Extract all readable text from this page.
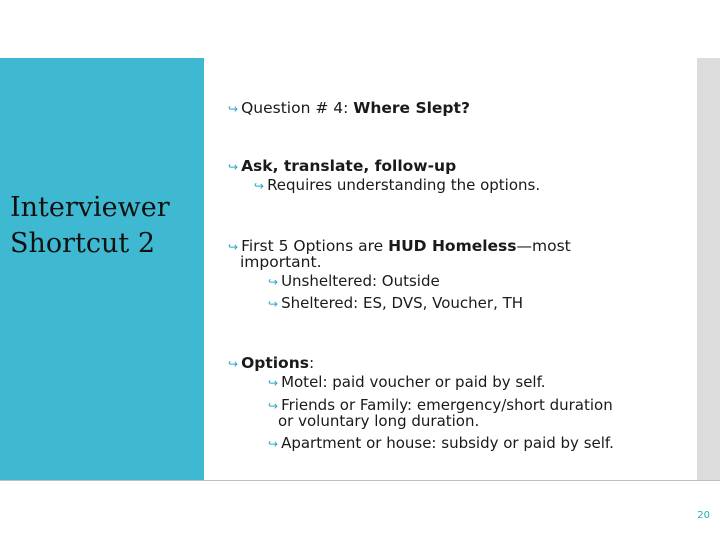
Interviewer
Shortcut 2
↪ Question # 4: Where Slept?
↪ Ask, translate, follow-up
↪ Requires understanding the options.
↪ First 5 Options are HUD Homeless—most
important.
↪ Unsheltered: Outside
↪ Sheltered: ES, DVS, Voucher, TH
↪ Options:
↪ Motel: paid voucher or paid by self.
↪ Friends or Family: emergency/short duration
or voluntary long duration.
↪ Apartment or house: subsidy or paid by self.
20
